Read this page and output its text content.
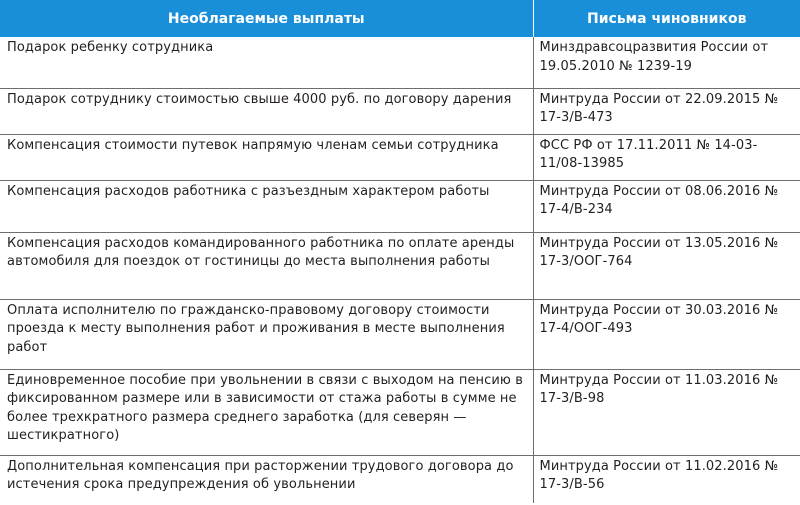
Необлагаемые выплаты	Письма чиновников
Подарок ребенку сотрудника	Минздравсоцразвития России от 19.05.2010 № 1239-19
Подарок сотруднику стоимостью свыше 4000 руб. по договору дарения	Минтруда России от 22.09.2015 № 17-3/В-473
Компенсация стоимости путевок напрямую членам семьи сотрудника	ФСС РФ от 17.11.2011 № 14-03-11/08-13985
Компенсация расходов работника с разъездным характером работы	Минтруда России от 08.06.2016 № 17-4/В-234
Компенсация расходов командированного работника по оплате аренды автомобиля для поездок от гостиницы до места выполнения работы	Минтруда России от 13.05.2016 № 17-3/ООГ-764
Оплата исполнителю по гражданско-правовому договору стоимости проезда к месту выполнения работ и проживания в месте выполнения работ	Минтруда России от 30.03.2016 № 17-4/ООГ-493
Единовременное пособие при увольнении в связи с выходом на пенсию в фиксированном размере или в зависимости от стажа работы в сумме не более трехкратного размера среднего заработка (для северян — шестикратного)	Минтруда России от 11.03.2016 № 17-3/В-98
Дополнительная компенсация при расторжении трудового договора до истечения срока предупреждения об увольнении	Минтруда России от 11.02.2016 № 17-3/В-56
